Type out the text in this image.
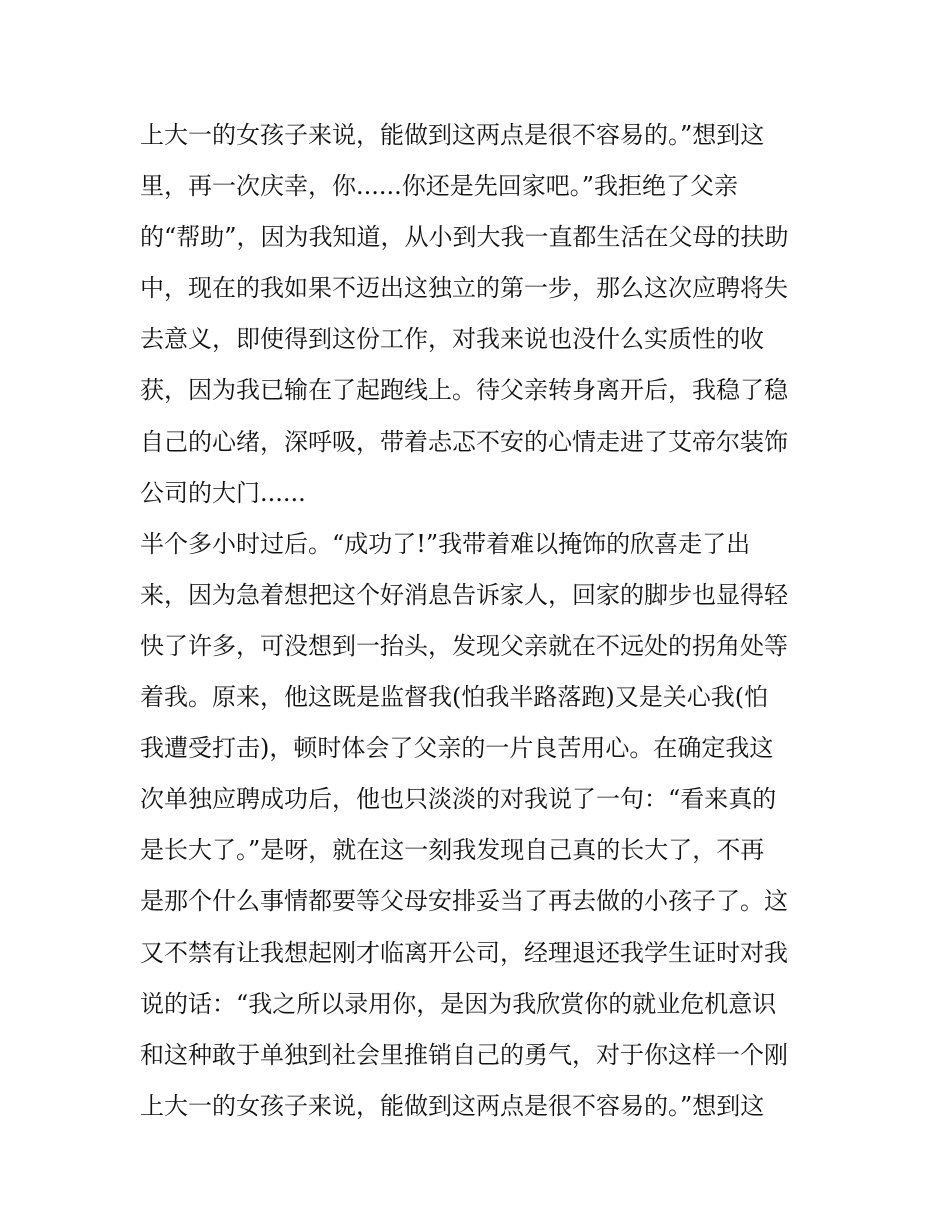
上大一的女孩子来说，能做到这两点是很不容易的。”想到这
里，再一次庆幸，你......你还是先回家吧。”我拒绝了父亲
的“帮助”，因为我知道，从小到大我一直都生活在父母的扶助
中，现在的我如果不迈出这独立的第一步，那么这次应聘将失
去意义，即使得到这份工作，对我来说也没什么实质性的收
获，因为我已输在了起跑线上。待父亲转身离开后，我稳了稳
自己的心绪，深呼吸，带着忐忑不安的心情走进了艾帝尔装饰
公司的大门......
半个多小时过后。“成功了!”我带着难以掩饰的欣喜走了出
来，因为急着想把这个好消息告诉家人，回家的脚步也显得轻
快了许多，可没想到一抬头，发现父亲就在不远处的拐角处等
着我。原来，他这既是监督我(怕我半路落跑)又是关心我(怕
我遭受打击)，顿时体会了父亲的一片良苦用心。在确定我这
次单独应聘成功后，他也只淡淡的对我说了一句：“看来真的
是长大了。”是呀，就在这一刻我发现自己真的长大了，不再
是那个什么事情都要等父母安排妥当了再去做的小孩子了。这
又不禁有让我想起刚才临离开公司，经理退还我学生证时对我
说的话：“我之所以录用你，是因为我欣赏你的就业危机意识
和这种敢于单独到社会里推销自己的勇气，对于你这样一个刚
上大一的女孩子来说，能做到这两点是很不容易的。”想到这
